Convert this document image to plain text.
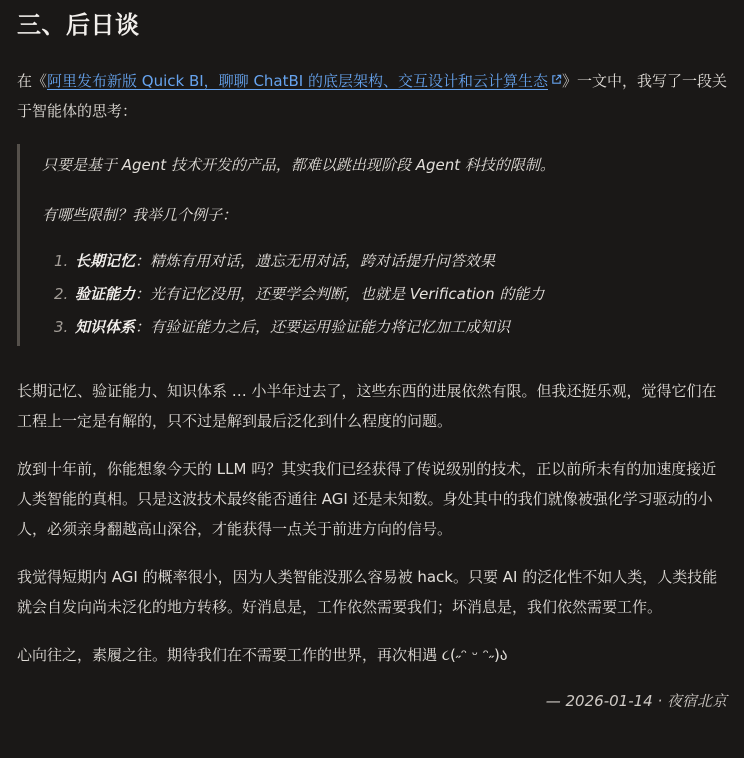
三、后日谈

在《阿里发布新版 Quick BI，聊聊 ChatBI 的底层架构、交互设计和云计算生态 》一文中，我写了一段关于智能体的思考：

只要是基于 Agent 技术开发的产品，都难以跳出现阶段 Agent 科技的限制。

有哪些限制？我举几个例子：

1. 长期记忆：精炼有用对话，遗忘无用对话，跨对话提升问答效果
2. 验证能力：光有记忆没用，还要学会判断，也就是 Verification 的能力
3. 知识体系：有验证能力之后，还要运用验证能力将记忆加工成知识

长期记忆、验证能力、知识体系 … 小半年过去了，这些东西的进展依然有限。但我还挺乐观，觉得它们在工程上一定是有解的，只不过是解到最后泛化到什么程度的问题。

放到十年前，你能想象今天的 LLM 吗？其实我们已经获得了传说级别的技术，正以前所未有的加速度接近人类智能的真相。只是这波技术最终能否通往 AGI 还是未知数。身处其中的我们就像被强化学习驱动的小人，必须亲身翻越高山深谷，才能获得一点关于前进方向的信号。

我觉得短期内 AGI 的概率很小，因为人类智能没那么容易被 hack。只要 AI 的泛化性不如人类，人类技能就会自发向尚未泛化的地方转移。好消息是，工作依然需要我们；坏消息是，我们依然需要工作。

心向往之，素履之往。期待我们在不需要工作的世界，再次相遇 ૮(˶ᵔ ᵕ ᵔ˶)ა

— 2026-01-14 · 夜宿北京
